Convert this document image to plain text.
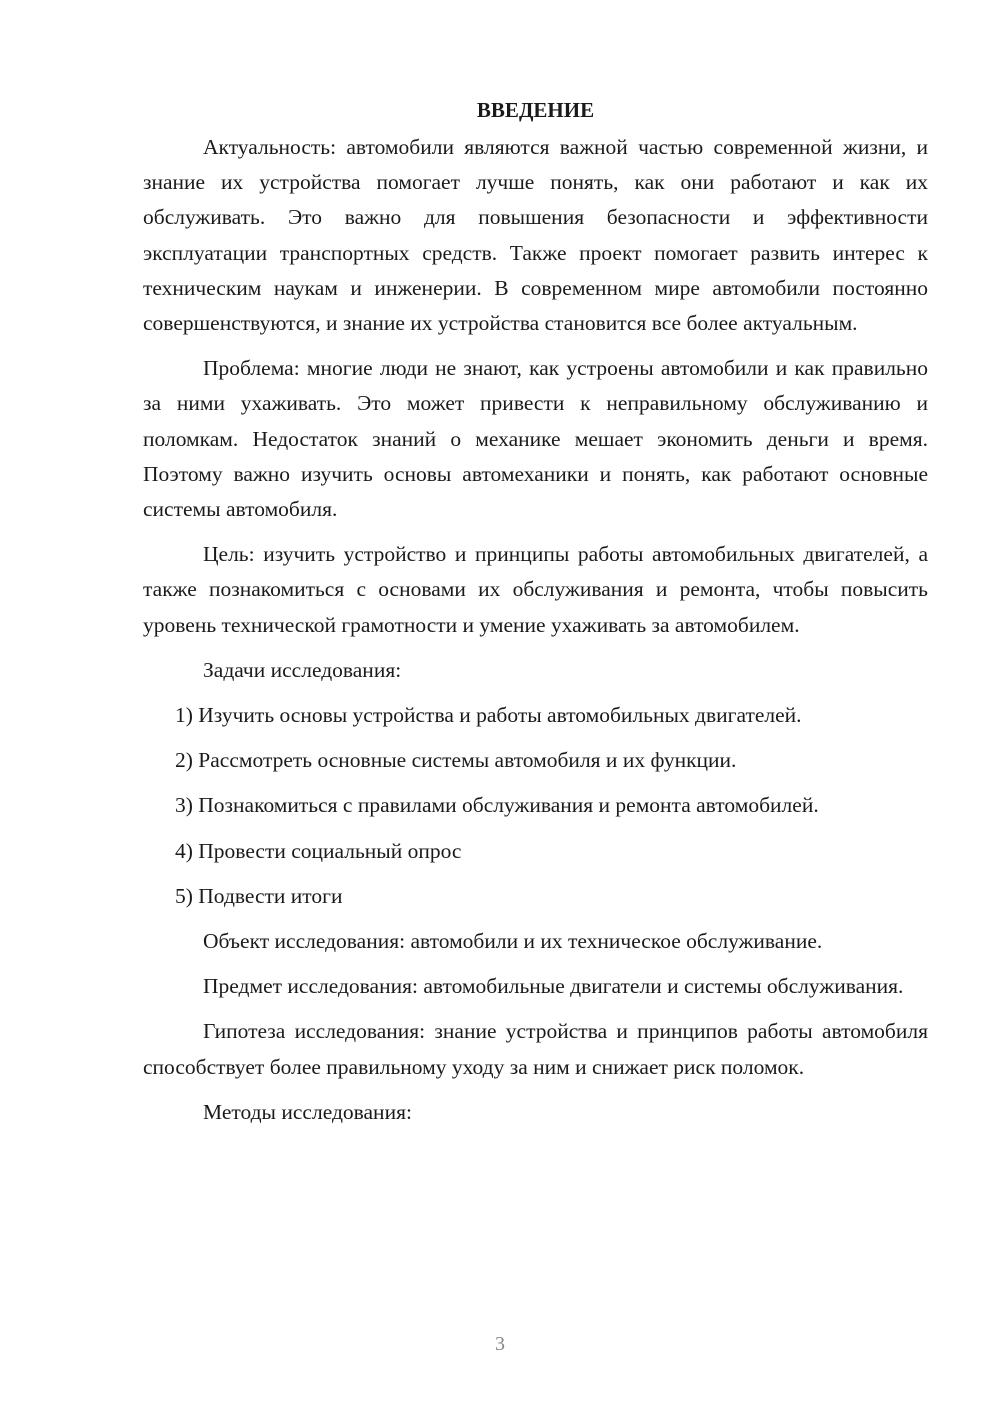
ВВЕДЕНИЕ

Актуальность: автомобили являются важной частью современной жизни, и знание их устройства помогает лучше понять, как они работают и как их обслуживать. Это важно для повышения безопасности и эффективности эксплуатации транспортных средств. Также проект помогает развить интерес к техническим наукам и инженерии. В современном мире автомобили постоянно совершенствуются, и знание их устройства становится все более актуальным.

Проблема: многие люди не знают, как устроены автомобили и как правильно за ними ухаживать. Это может привести к неправильному обслуживанию и поломкам. Недостаток знаний о механике мешает экономить деньги и время. Поэтому важно изучить основы автомеханики и понять, как работают основные системы автомобиля.

Цель: изучить устройство и принципы работы автомобильных двигателей, а также познакомиться с основами их обслуживания и ремонта, чтобы повысить уровень технической грамотности и умение ухаживать за автомобилем.

Задачи исследования:

1) Изучить основы устройства и работы автомобильных двигателей.

2) Рассмотреть основные системы автомобиля и их функции.

3) Познакомиться с правилами обслуживания и ремонта автомобилей.

4) Провести социальный опрос

5) Подвести итоги

Объект исследования: автомобили и их техническое обслуживание.

Предмет исследования: автомобильные двигатели и системы обслуживания.

Гипотеза исследования: знание устройства и принципов работы автомобиля способствует более правильному уходу за ним и снижает риск поломок.

Методы исследования:

3
